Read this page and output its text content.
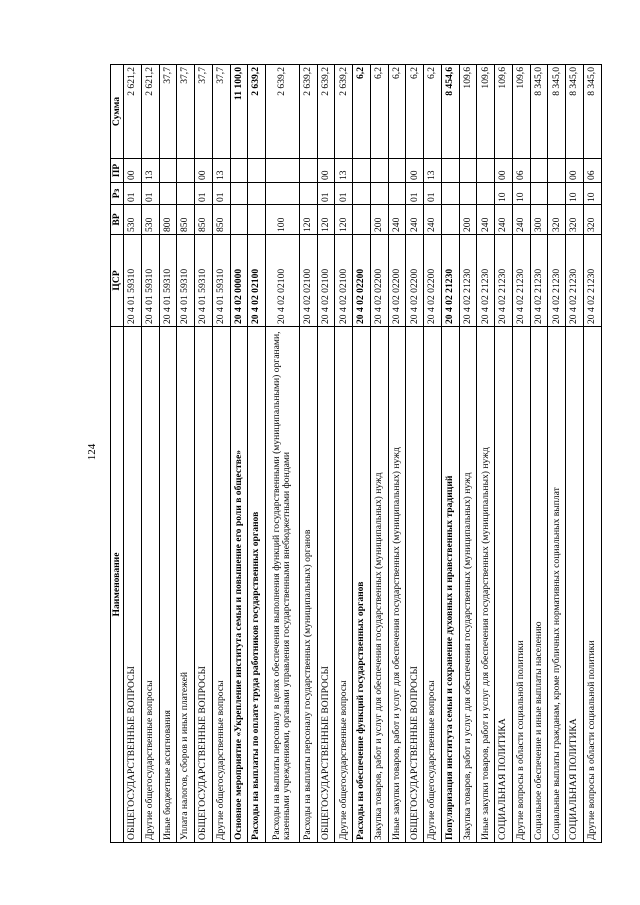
124
Наименование	ЦСР	ВР	Рз	ПР	Сумма
ОБЩЕГОСУДАРСТВЕННЫЕ ВОПРОСЫ	20 4 01 59310	530	01	00	2 621,2
Другие общегосударственные вопросы	20 4 01 59310	530	01	13	2 621,2
Иные бюджетные ассигнования	20 4 01 59310	800			37,7
Уплата налогов, сборов и иных платежей	20 4 01 59310	850			37,7
ОБЩЕГОСУДАРСТВЕННЫЕ ВОПРОСЫ	20 4 01 59310	850	01	00	37,7
Другие общегосударственные вопросы	20 4 01 59310	850	01	13	37,7
Основное мероприятие «Укрепление института семьи и повышение его роли в обществе»	20 4 02 00000				11 100,0
Расходы на выплаты по оплате труда работников государственных органов	20 4 02 02100				2 639,2
Расходы на выплаты персоналу в целях обеспечения выполнения функций государственными (муниципальными) органами, казенными учреждениями, органами управления государственными внебюджетными фондами	20 4 02 02100	100			2 639,2
Расходы на выплаты персоналу государственных (муниципальных) органов	20 4 02 02100	120			2 639,2
ОБЩЕГОСУДАРСТВЕННЫЕ ВОПРОСЫ	20 4 02 02100	120	01	00	2 639,2
Другие общегосударственные вопросы	20 4 02 02100	120	01	13	2 639,2
Расходы на обеспечение функций государственных органов	20 4 02 02200				6,2
Закупка товаров, работ и услуг для обеспечения государственных (муниципальных) нужд	20 4 02 02200	200			6,2
Иные закупки товаров, работ и услуг для обеспечения государственных (муниципальных) нужд	20 4 02 02200	240			6,2
ОБЩЕГОСУДАРСТВЕННЫЕ ВОПРОСЫ	20 4 02 02200	240	01	00	6,2
Другие общегосударственные вопросы	20 4 02 02200	240	01	13	6,2
Популяризация института семьи и сохранение духовных и нравственных традиций	20 4 02 21230				8 454,6
Закупка товаров, работ и услуг для обеспечения государственных (муниципальных) нужд	20 4 02 21230	200			109,6
Иные закупки товаров, работ и услуг для обеспечения государственных (муниципальных) нужд	20 4 02 21230	240			109,6
СОЦИАЛЬНАЯ ПОЛИТИКА	20 4 02 21230	240	10	00	109,6
Другие вопросы в области социальной политики	20 4 02 21230	240	10	06	109,6
Социальное обеспечение и иные выплаты населению	20 4 02 21230	300			8 345,0
Социальные выплаты гражданам, кроме публичных нормативных социальных выплат	20 4 02 21230	320			8 345,0
СОЦИАЛЬНАЯ ПОЛИТИКА	20 4 02 21230	320	10	00	8 345,0
Другие вопросы в области социальной политики	20 4 02 21230	320	10	06	8 345,0
